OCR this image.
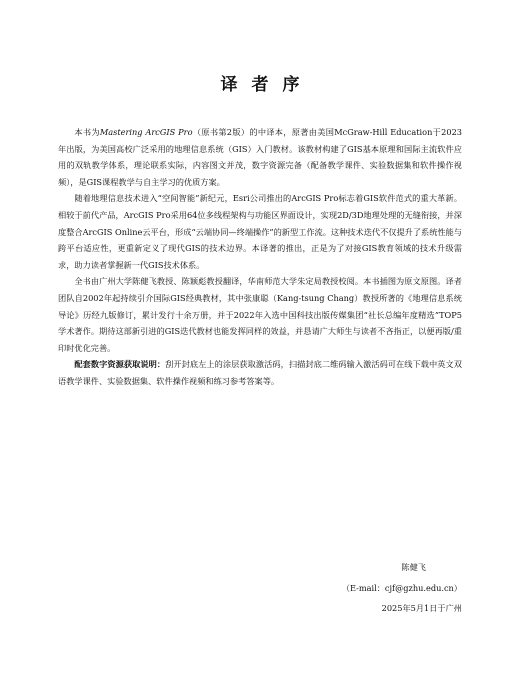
译者序

本书为Mastering ArcGIS Pro（原书第2版）的中译本，原著由美国McGraw-Hill Education于2023年出版，为美国高校广泛采用的地理信息系统（GIS）入门教材。该教材构建了GIS基本原理和国际主流软件应用的双轨教学体系，理论联系实际，内容图文并茂，数字资源完备（配备教学课件、实验数据集和软件操作视频），是GIS课程教学与自主学习的优质方案。

随着地理信息技术进入“空间智能”新纪元，Esri公司推出的ArcGIS Pro标志着GIS软件范式的重大革新。相较于前代产品，ArcGIS Pro采用64位多线程架构与功能区界面设计，实现2D/3D地理处理的无缝衔接，并深度整合ArcGIS Online云平台，形成“云端协同—终端操作”的新型工作流。这种技术迭代不仅提升了系统性能与跨平台适应性，更重新定义了现代GIS的技术边界。本译著的推出，正是为了对接GIS教育领域的技术升级需求，助力读者掌握新一代GIS技术体系。

全书由广州大学陈健飞教授、陈颖彪教授翻译，华南师范大学朱定局教授校阅。本书插图为原文原图。译者团队自2002年起持续引介国际GIS经典教材，其中张康聪（Kang-tsung Chang）教授所著的《地理信息系统导论》历经九版修订，累计发行十余万册，并于2022年入选中国科技出版传媒集团“社长总编年度精选”TOP5学术著作。期待这部新引进的GIS迭代教材也能发挥同样的效益，并恳请广大师生与读者不吝指正，以便再版/重印时优化完善。

配套数字资源获取说明：刮开封底左上的涂层获取激活码，扫描封底二维码输入激活码可在线下载中英文双语教学课件、实验数据集、软件操作视频和练习参考答案等。

陈健飞
（E-mail：cjf@gzhu.edu.cn）
2025年5月1日于广州
